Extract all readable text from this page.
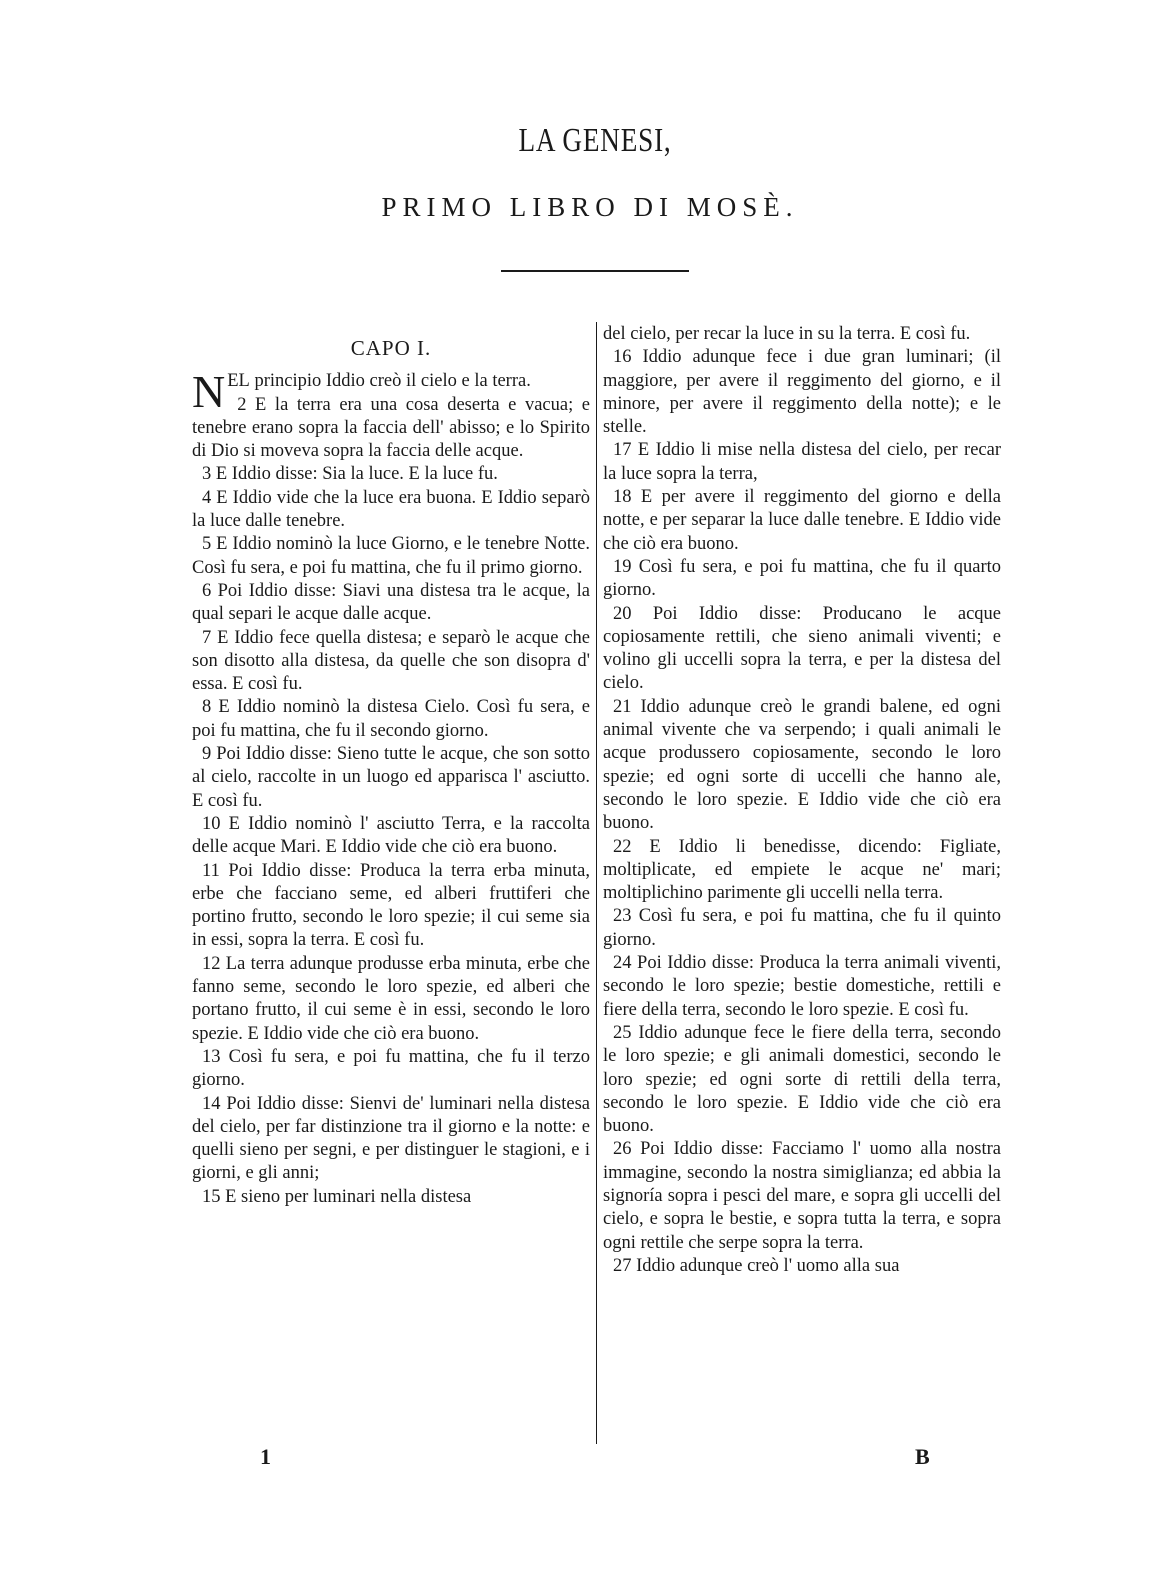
LA GENESI,
PRIMO LIBRO DI MOSÈ.
CAPO I.

NEL principio Iddio creò il cielo e la terra.

2 E la terra era una cosa deserta e vacua; e tenebre erano sopra la faccia dell' abisso; e lo Spirito di Dio si moveva sopra la faccia delle acque.

3 E Iddio disse: Sia la luce. E la luce fu.

4 E Iddio vide che la luce era buona. E Iddio separò la luce dalle tenebre.

5 E Iddio nominò la luce Giorno, e le tenebre Notte. Così fu sera, e poi fu mattina, che fu il primo giorno.

6 Poi Iddio disse: Siavi una distesa tra le acque, la qual separi le acque dalle acque.

7 E Iddio fece quella distesa; e separò le acque che son disotto alla distesa, da quelle che son disopra d' essa. E così fu.

8 E Iddio nominò la distesa Cielo. Così fu sera, e poi fu mattina, che fu il secondo giorno.

9 Poi Iddio disse: Sieno tutte le acque, che son sotto al cielo, raccolte in un luogo ed apparisca l' asciutto. E così fu.

10 E Iddio nominò l' asciutto Terra, e la raccolta delle acque Mari. E Iddio vide che ciò era buono.

11 Poi Iddio disse: Produca la terra erba minuta, erbe che facciano seme, ed alberi fruttiferi che portino frutto, secondo le loro spezie; il cui seme sia in essi, sopra la terra. E così fu.

12 La terra adunque produsse erba minuta, erbe che fanno seme, secondo le loro spezie, ed alberi che portano frutto, il cui seme è in essi, secondo le loro spezie. E Iddio vide che ciò era buono.

13 Così fu sera, e poi fu mattina, che fu il terzo giorno.

14 Poi Iddio disse: Sienvi de' luminari nella distesa del cielo, per far distinzione tra il giorno e la notte: e quelli sieno per segni, e per distinguer le stagioni, e i giorni, e gli anni;

15 E sieno per luminari nella distesa

del cielo, per recar la luce in su la terra. E così fu.

16 Iddio adunque fece i due gran luminari; (il maggiore, per avere il reggimento del giorno, e il minore, per avere il reggimento della notte); e le stelle.

17 E Iddio li mise nella distesa del cielo, per recar la luce sopra la terra,

18 E per avere il reggimento del giorno e della notte, e per separar la luce dalle tenebre. E Iddio vide che ciò era buono.

19 Così fu sera, e poi fu mattina, che fu il quarto giorno.

20 Poi Iddio disse: Producano le acque copiosamente rettili, che sieno animali viventi; e volino gli uccelli sopra la terra, e per la distesa del cielo.

21 Iddio adunque creò le grandi balene, ed ogni animal vivente che va serpendo; i quali animali le acque produssero copiosamente, secondo le loro spezie; ed ogni sorte di uccelli che hanno ale, secondo le loro spezie. E Iddio vide che ciò era buono.

22 E Iddio li benedisse, dicendo: Figliate, moltiplicate, ed empiete le acque ne' mari; moltiplichino parimente gli uccelli nella terra.

23 Così fu sera, e poi fu mattina, che fu il quinto giorno.

24 Poi Iddio disse: Produca la terra animali viventi, secondo le loro spezie; bestie domestiche, rettili e fiere della terra, secondo le loro spezie. E così fu.

25 Iddio adunque fece le fiere della terra, secondo le loro spezie; e gli animali domestici, secondo le loro spezie; ed ogni sorte di rettili della terra, secondo le loro spezie. E Iddio vide che ciò era buono.

26 Poi Iddio disse: Facciamo l' uomo alla nostra immagine, secondo la nostra simiglianza; ed abbia la signoría sopra i pesci del mare, e sopra gli uccelli del cielo, e sopra le bestie, e sopra tutta la terra, e sopra ogni rettile che serpe sopra la terra.

27 Iddio adunque creò l' uomo alla sua

1	B
